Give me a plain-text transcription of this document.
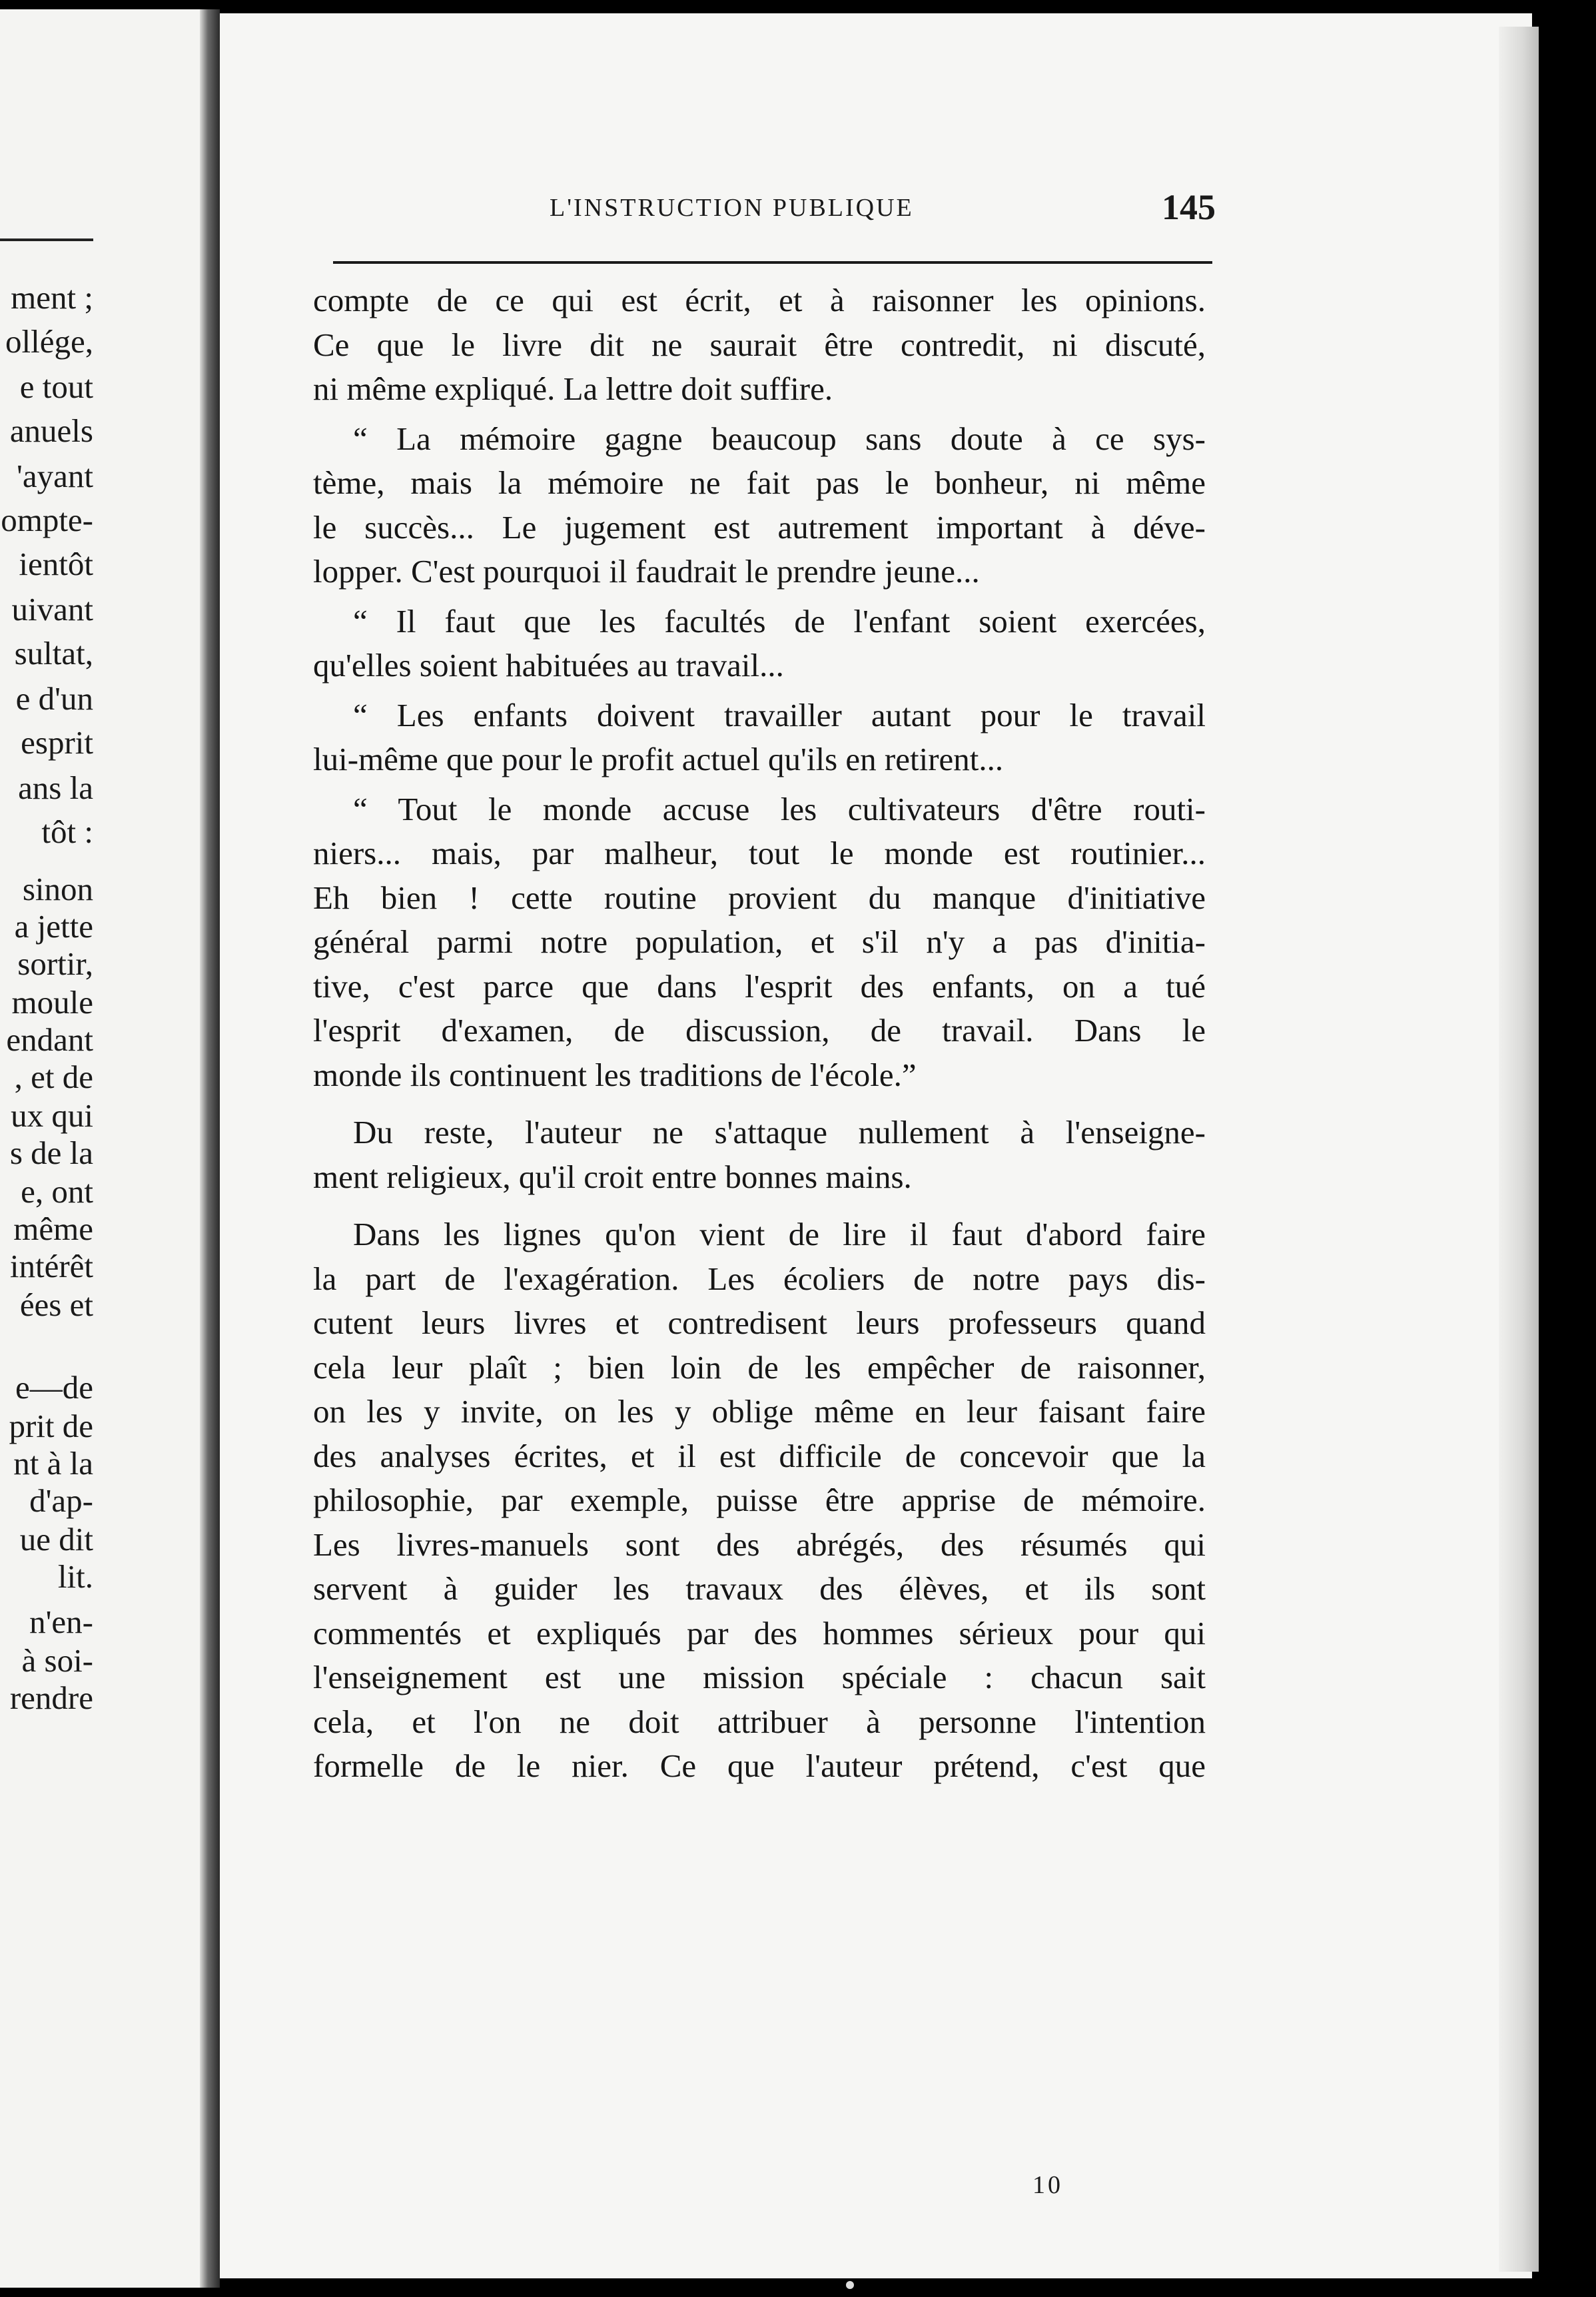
ment ;
ollége,
e tout
anuels
'ayant
ompte-
ientôt
uivant
sultat,
e d'un
esprit
ans la
tôt :
sinon
a jette
sortir,
moule
endant
, et de
ux qui
s de la
e, ont
même
intérêt
ées et
e—de
prit de
nt à la
d'ap-
ue dit
lit.
n'en-
à soi-
rendre
L'INSTRUCTION PUBLIQUE	145
compte de ce qui est écrit, et à raisonner les opinions.
Ce que le livre dit ne saurait être contredit, ni discuté,
ni même expliqué. La lettre doit suffire.
“ La mémoire gagne beaucoup sans doute à ce sys-
tème, mais la mémoire ne fait pas le bonheur, ni même
le succès... Le jugement est autrement important à déve-
lopper. C'est pourquoi il faudrait le prendre jeune...
“ Il faut que les facultés de l'enfant soient exercées,
qu'elles soient habituées au travail...
“ Les enfants doivent travailler autant pour le travail
lui-même que pour le profit actuel qu'ils en retirent...
“ Tout le monde accuse les cultivateurs d'être routi-
niers... mais, par malheur, tout le monde est routinier...
Eh bien ! cette routine provient du manque d'initiative
général parmi notre population, et s'il n'y a pas d'initia-
tive, c'est parce que dans l'esprit des enfants, on a tué
l'esprit d'examen, de discussion, de travail. Dans le
monde ils continuent les traditions de l'école.”
Du reste, l'auteur ne s'attaque nullement à l'enseigne-
ment religieux, qu'il croit entre bonnes mains.
Dans les lignes qu'on vient de lire il faut d'abord faire
la part de l'exagération. Les écoliers de notre pays dis-
cutent leurs livres et contredisent leurs professeurs quand
cela leur plaît ; bien loin de les empêcher de raisonner,
on les y invite, on les y oblige même en leur faisant faire
des analyses écrites, et il est difficile de concevoir que la
philosophie, par exemple, puisse être apprise de mémoire.
Les livres-manuels sont des abrégés, des résumés qui
servent à guider les travaux des élèves, et ils sont
commentés et expliqués par des hommes sérieux pour qui
l'enseignement est une mission spéciale : chacun sait
cela, et l'on ne doit attribuer à personne l'intention
formelle de le nier. Ce que l'auteur prétend, c'est que
10
